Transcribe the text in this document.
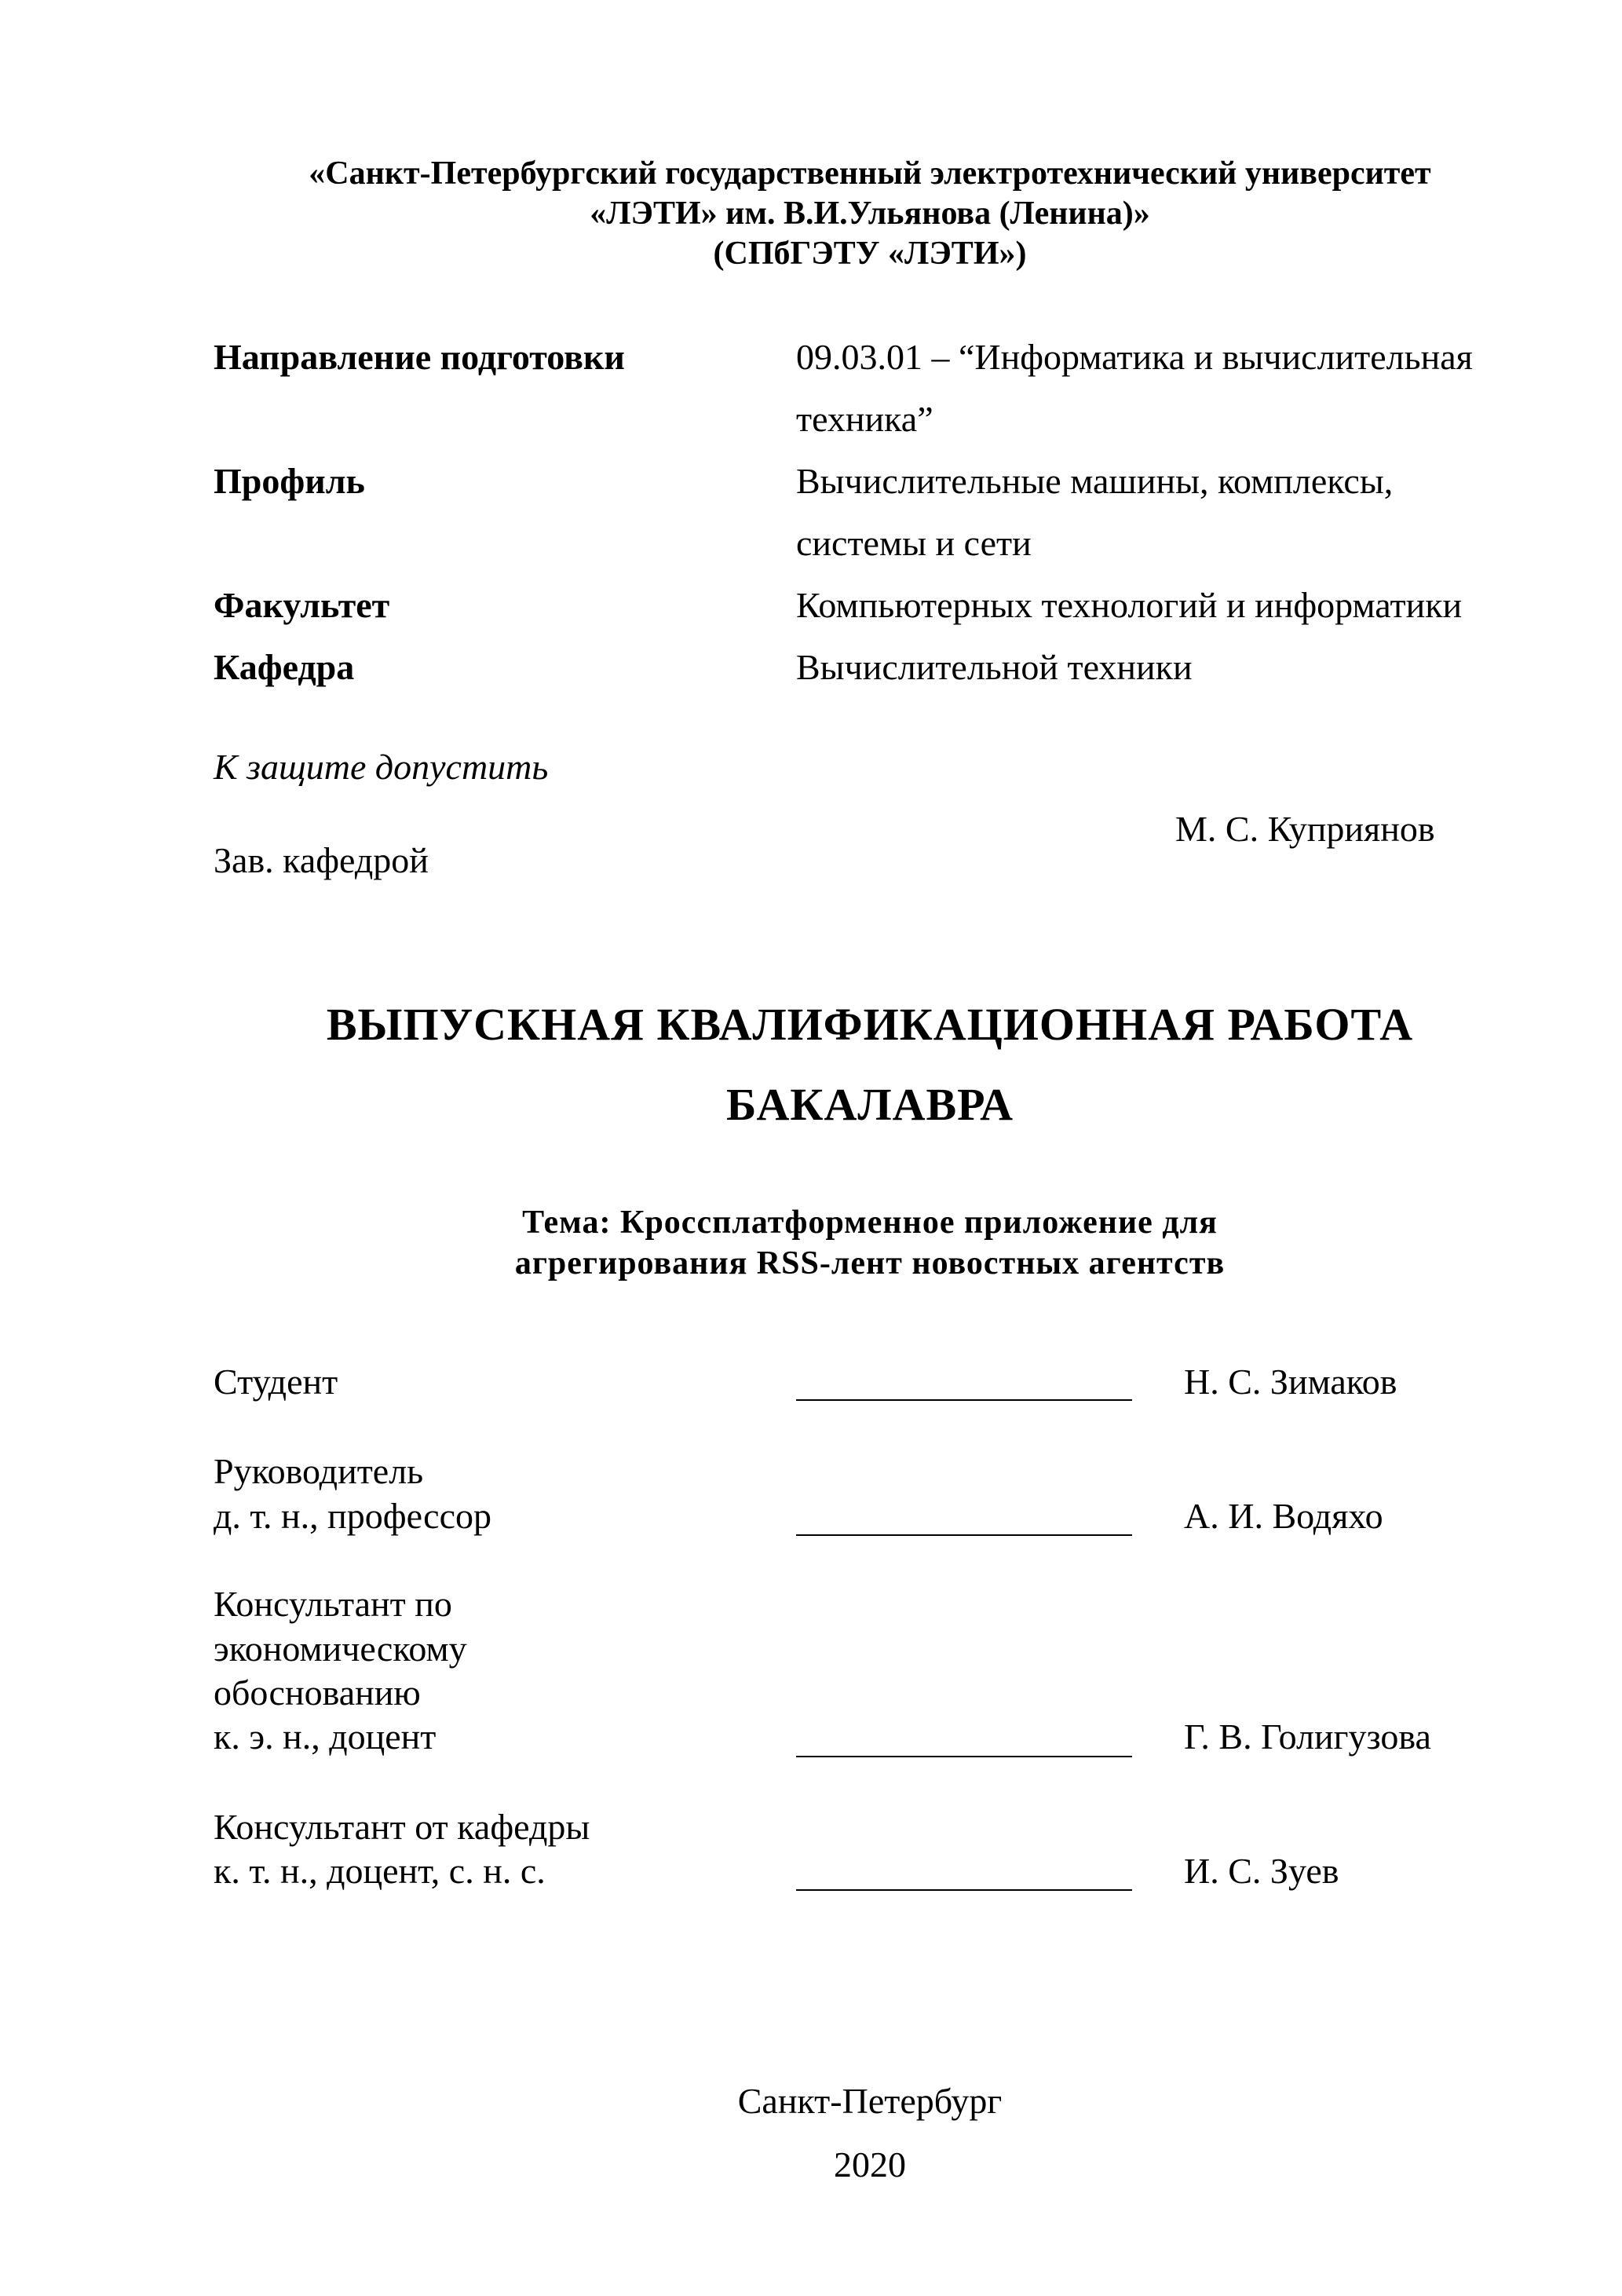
«Санкт-Петербургский государственный электротехнический университет
«ЛЭТИ» им. В.И.Ульянова (Ленина)»
(СПбГЭТУ «ЛЭТИ»)
Направление подготовки	09.03.01 – “Информатика и вычислительная
техника”
Профиль	Вычислительные машины, комплексы,
системы и сети
Факультет	Компьютерных технологий и информатики
Кафедра	Вычислительной техники
К защите допустить
М. С. Куприянов
Зав. кафедрой
ВЫПУСКНАЯ КВАЛИФИКАЦИОННАЯ РАБОТА
БАКАЛАВРА
Тема: Кроссплатформенное приложение для
агрегирования RSS-лент новостных агентств
Студент	Н. С. Зимаков
Руководитель
д. т. н., профессор	А. И. Водяхо
Консультант по
экономическому
обоснованию
к. э. н., доцент	Г. В. Голигузова
Консультант от кафедры
к. т. н., доцент, с. н. с.	И. С. Зуев
Санкт-Петербург
2020
